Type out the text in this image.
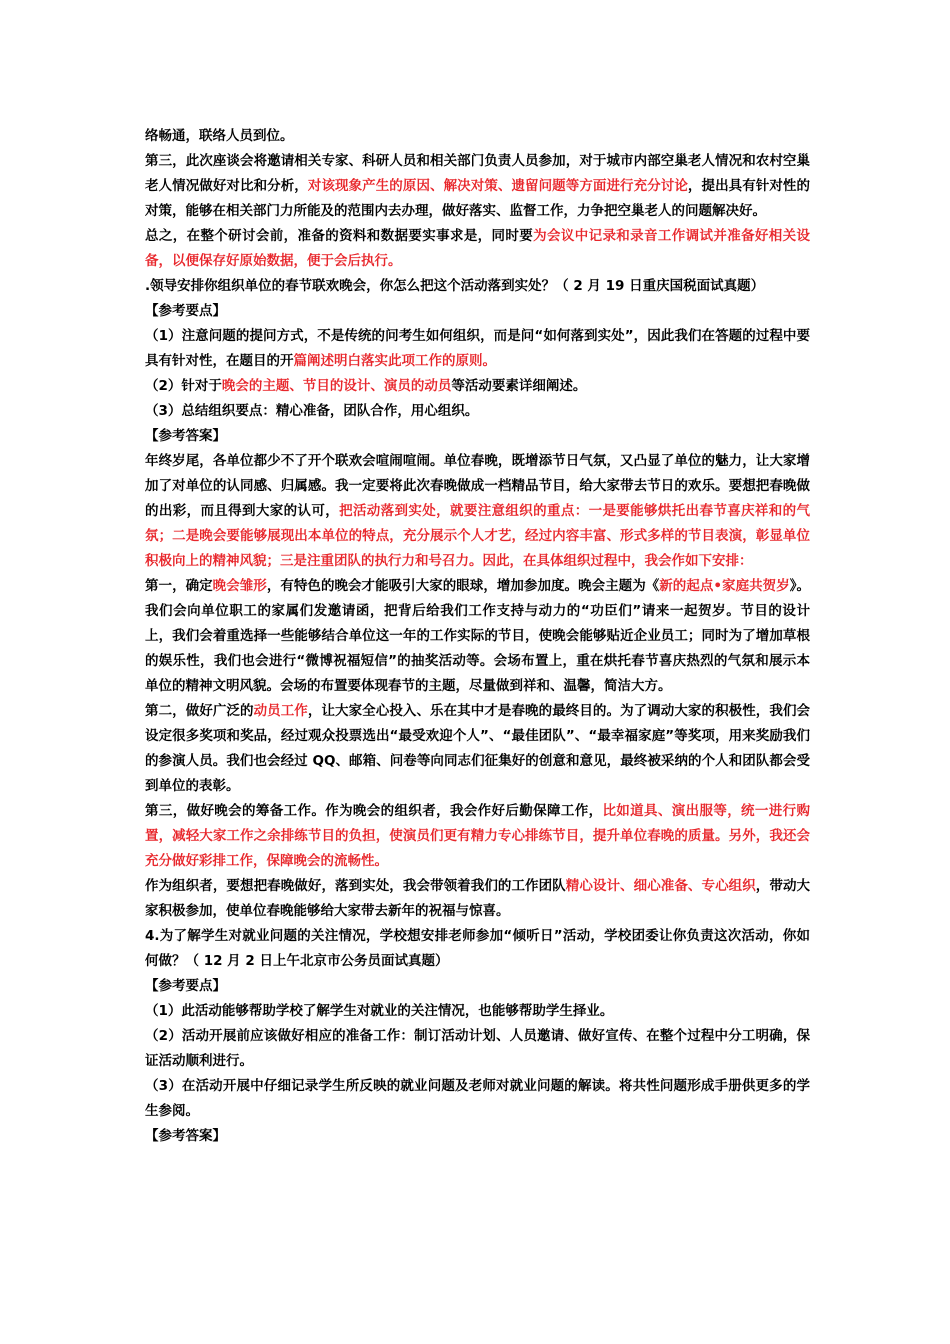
络畅通，联络人员到位。

第三，此次座谈会将邀请相关专家、科研人员和相关部门负责人员参加，对于城市内部空巢老人情况和农村空巢老人情况做好对比和分析，对该现象产生的原因、解决对策、遗留问题等方面进行充分讨论，提出具有针对性的对策，能够在相关部门力所能及的范围内去办理，做好落实、监督工作，力争把空巢老人的问题解决好。

总之，在整个研讨会前，准备的资料和数据要实事求是，同时要为会议中记录和录音工作调试并准备好相关设备，以便保存好原始数据，便于会后执行。

.领导安排你组织单位的春节联欢晚会，你怎么把这个活动落到实处？（ 2 月 19 日重庆国税面试真题）

【参考要点】

（1）注意问题的提问方式，不是传统的问考生如何组织，而是问“如何落到实处”，因此我们在答题的过程中要具有针对性，在题目的开篇阐述明白落实此项工作的原则。

（2）针对于晚会的主题、节目的设计、演员的动员等活动要素详细阐述。

（3）总结组织要点：精心准备，团队合作，用心组织。

【参考答案】

年终岁尾，各单位都少不了开个联欢会喧闹喧闹。单位春晚，既增添节日气氛，又凸显了单位的魅力，让大家增加了对单位的认同感、归属感。我一定要将此次春晚做成一档精品节目，给大家带去节日的欢乐。要想把春晚做的出彩，而且得到大家的认可，把活动落到实处，就要注意组织的重点：一是要能够烘托出春节喜庆祥和的气氛；二是晚会要能够展现出本单位的特点，充分展示个人才艺，经过内容丰富、形式多样的节目表演，彰显单位积极向上的精神风貌；三是注重团队的执行力和号召力。因此，在具体组织过程中，我会作如下安排：

第一，确定晚会雏形，有特色的晚会才能吸引大家的眼球，增加参加度。晚会主题为《新的起点•家庭共贺岁》。我们会向单位职工的家属们发邀请函，把背后给我们工作支持与动力的“功臣们”请来一起贺岁。节目的设计上，我们会着重选择一些能够结合单位这一年的工作实际的节目，使晚会能够贴近企业员工；同时为了增加草根的娱乐性，我们也会进行“微博祝福短信”的抽奖活动等。会场布置上，重在烘托春节喜庆热烈的气氛和展示本单位的精神文明风貌。会场的布置要体现春节的主题，尽量做到祥和、温馨，简洁大方。

第二，做好广泛的动员工作，让大家全心投入、乐在其中才是春晚的最终目的。为了调动大家的积极性，我们会设定很多奖项和奖品，经过观众投票选出“最受欢迎个人”、“最佳团队”、“最幸福家庭”等奖项，用来奖励我们的参演人员。我们也会经过 QQ、邮箱、问卷等向同志们征集好的创意和意见，最终被采纳的个人和团队都会受到单位的表彰。

第三，做好晚会的筹备工作。作为晚会的组织者，我会作好后勤保障工作，比如道具、演出服等，统一进行购置，减轻大家工作之余排练节目的负担，使演员们更有精力专心排练节目，提升单位春晚的质量。另外，我还会充分做好彩排工作，保障晚会的流畅性。

作为组织者，要想把春晚做好，落到实处，我会带领着我们的工作团队精心设计、细心准备、专心组织，带动大家积极参加，使单位春晚能够给大家带去新年的祝福与惊喜。

4.为了解学生对就业问题的关注情况，学校想安排老师参加“倾听日”活动，学校团委让你负责这次活动，你如何做？（ 12 月 2 日上午北京市公务员面试真题）

【参考要点】

（1）此活动能够帮助学校了解学生对就业的关注情况，也能够帮助学生择业。

（2）活动开展前应该做好相应的准备工作：制订活动计划、人员邀请、做好宣传、在整个过程中分工明确，保证活动顺利进行。

（3）在活动开展中仔细记录学生所反映的就业问题及老师对就业问题的解读。将共性问题形成手册供更多的学生参阅。

【参考答案】
